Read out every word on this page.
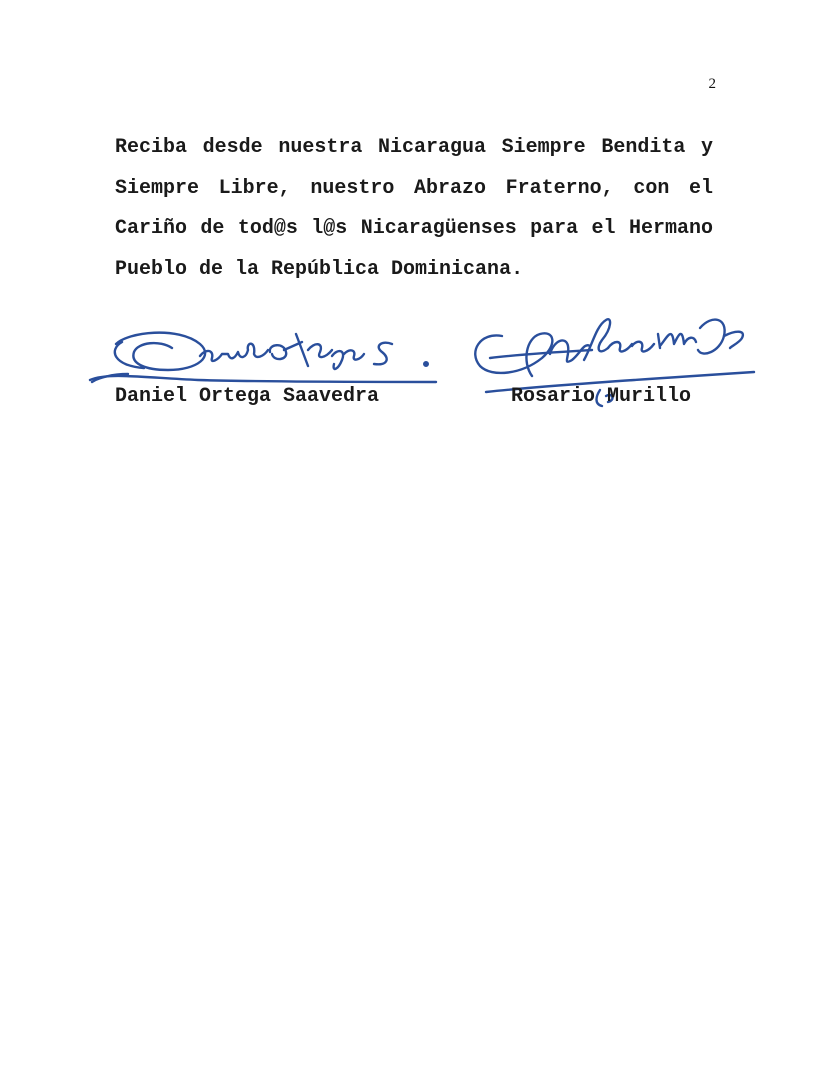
2

Reciba desde nuestra Nicaragua Siempre Bendita y Siempre Libre, nuestro Abrazo Fraterno, con el Cariño de tod@s l@s Nicaragüenses para el Hermano Pueblo de la República Dominicana.

Daniel Ortega Saavedra	Rosario Murillo
